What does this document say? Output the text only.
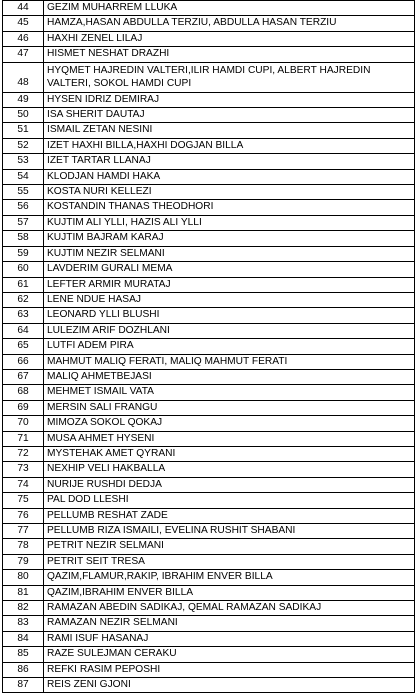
44	GEZIM MUHARREM LLUKA
45	HAMZA,HASAN ABDULLA TERZIU, ABDULLA HASAN TERZIU
46	HAXHI ZENEL LILAJ
47	HISMET NESHAT DRAZHI
48	HYQMET HAJREDIN VALTERI,ILIR HAMDI CUPI, ALBERT HAJREDIN VALTERI, SOKOL HAMDI CUPI
49	HYSEN IDRIZ DEMIRAJ
50	ISA SHERIT DAUTAJ
51	ISMAIL ZETAN NESINI
52	IZET HAXHI BILLA,HAXHI DOGJAN BILLA
53	IZET TARTAR LLANAJ
54	KLODJAN HAMDI HAKA
55	KOSTA NURI KELLEZI
56	KOSTANDIN THANAS THEODHORI
57	KUJTIM ALI YLLI, HAZIS ALI YLLI
58	KUJTIM BAJRAM KARAJ
59	KUJTIM NEZIR SELMANI
60	LAVDERIM GURALI MEMA
61	LEFTER ARMIR MURATAJ
62	LENE NDUE HASAJ
63	LEONARD YLLI BLUSHI
64	LULEZIM ARIF DOZHLANI
65	LUTFI ADEM PIRA
66	MAHMUT MALIQ FERATI, MALIQ MAHMUT FERATI
67	MALIQ AHMETBEJASI
68	MEHMET ISMAIL VATA
69	MERSIN SALI FRANGU
70	MIMOZA SOKOL QOKAJ
71	MUSA AHMET HYSENI
72	MYSTEHAK AMET QYRANI
73	NEXHIP VELI HAKBALLA
74	NURIJE RUSHDI DEDJA
75	PAL DOD LLESHI
76	PELLUMB RESHAT ZADE
77	PELLUMB RIZA ISMAILI, EVELINA RUSHIT SHABANI
78	PETRIT NEZIR SELMANI
79	PETRIT SEIT TRESA
80	QAZIM,FLAMUR,RAKIP, IBRAHIM ENVER BILLA
81	QAZIM,IBRAHIM ENVER BILLA
82	RAMAZAN ABEDIN SADIKAJ, QEMAL RAMAZAN SADIKAJ
83	RAMAZAN NEZIR SELMANI
84	RAMI ISUF HASANAJ
85	RAZE SULEJMAN CERAKU
86	REFKI RASIM PEPOSHI
87	REIS ZENI GJONI
